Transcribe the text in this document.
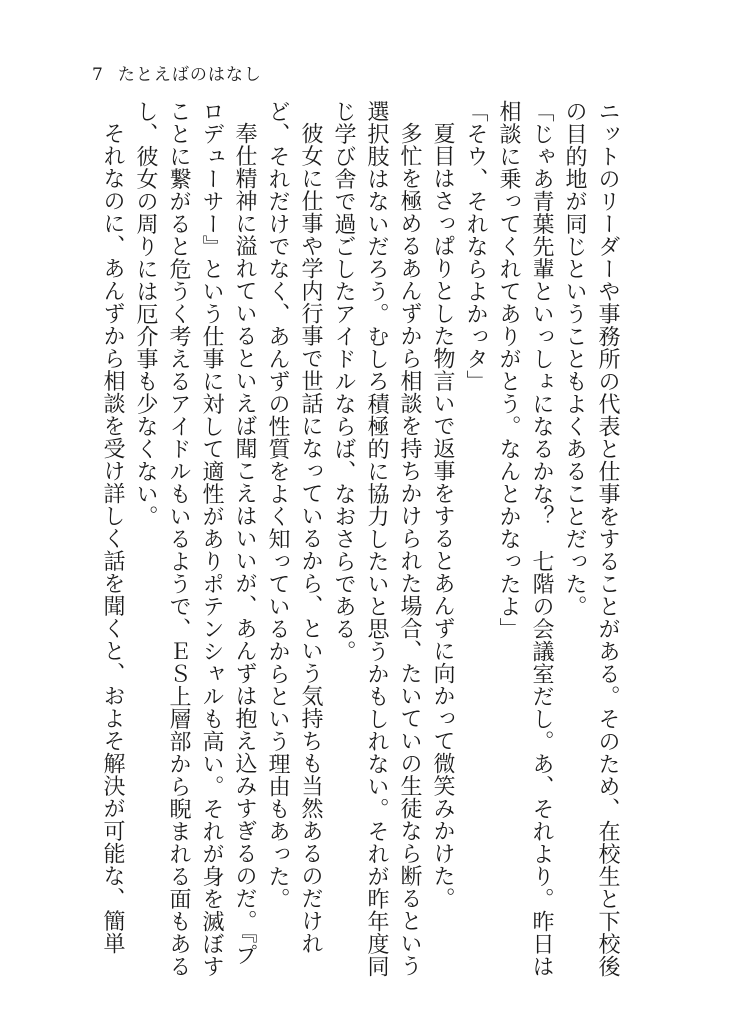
7 たとえばのはなし

ニットのリーダーや事務所の代表と仕事をすることがある。そのため、在校生と下校後の目的地が同じということもよくあることだった。

「じゃあ青葉先輩といっしょになるかな？　七階の会議室だし。あ、それより。昨日は相談に乗ってくれてありがとう。なんとかなったよ」

「そウ、それならよかっタ」

夏目はさっぱりとした物言いで返事をするとあんずに向かって微笑みかけた。

多忙を極めるあんずから相談を持ちかけられた場合、たいていの生徒なら断るという選択肢はないだろう。むしろ積極的に協力したいと思うかもしれない。それが昨年度同じ学び舎で過ごしたアイドルならば、なおさらである。

彼女に仕事や学内行事で世話になっているから、という気持ちも当然あるのだけれど、それだけでなく、あんずの性質をよく知っているからという理由もあった。

奉仕精神に溢れているといえば聞こえはいいが、あんずは抱え込みすぎるのだ。『プロデューサー』という仕事に対して適性がありポテンシャルも高い。それが身を滅ぼすことに繋がると危うく考えるアイドルもいるようで、ＥＳ上層部から睨まれる面もあるし、彼女の周りには厄介事も少なくない。

それなのに、あんずから相談を受け詳しく話を聞くと、およそ解決が可能な、簡単
